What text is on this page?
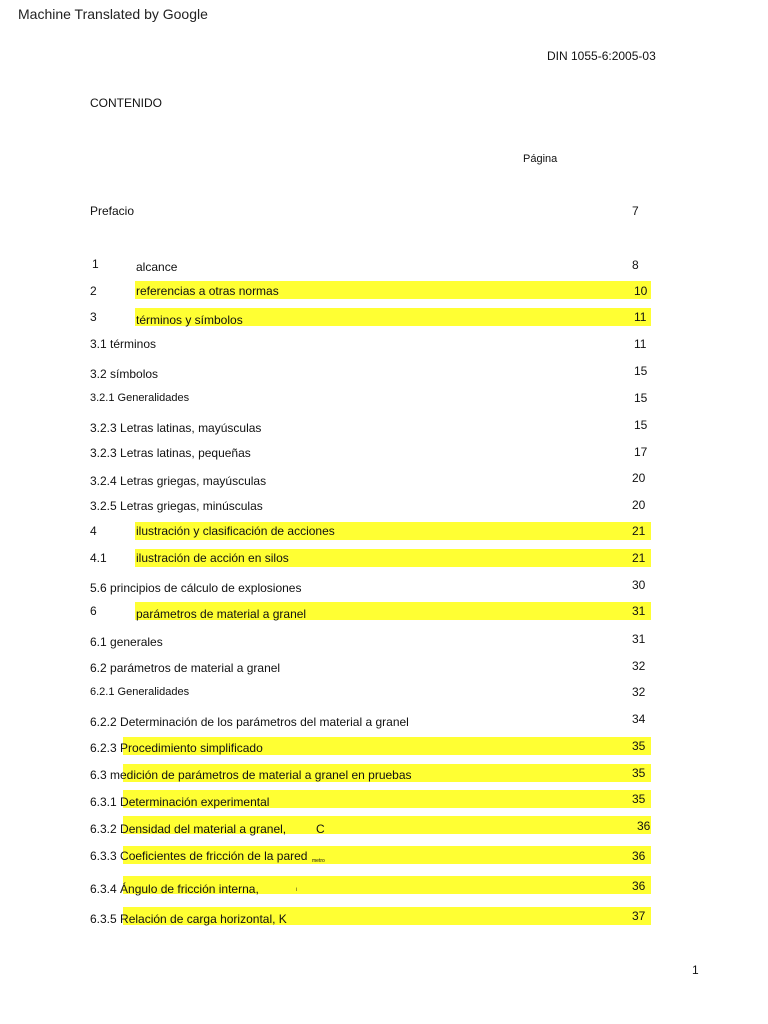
Machine Translated by Google
DIN 1055-6:2005-03
CONTENIDO
Página
Prefacio	7
1	alcance	8
2	referencias a otras normas	10
3	términos y símbolos	11
3.1 términos	11
3.2 símbolos	15
3.2.1 Generalidades	15
3.2.3 Letras latinas, mayúsculas	15
3.2.3 Letras latinas, pequeñas	17
3.2.4 Letras griegas, mayúsculas	20
3.2.5 Letras griegas, minúsculas	20
4	ilustración y clasificación de acciones	21
4.1 ilustración de acción en silos	21
5.6 principios de cálculo de explosiones	30
6	parámetros de material a granel	31
6.1 generales	31
6.2 parámetros de material a granel	32
6.2.1 Generalidades	32
6.2.2 Determinación de los parámetros del material a granel	34
6.2.3 Procedimiento simplificado	35
6.3 medición de parámetros de material a granel en pruebas	35
6.3.1 Determinación experimental	35
6.3.2 Densidad del material a granel, C	36
6.3.3 Coeficientes de fricción de la pared metro	36
6.3.4 Ángulo de fricción interna,	i	36
6.3.5 Relación de carga horizontal, K	37
1
